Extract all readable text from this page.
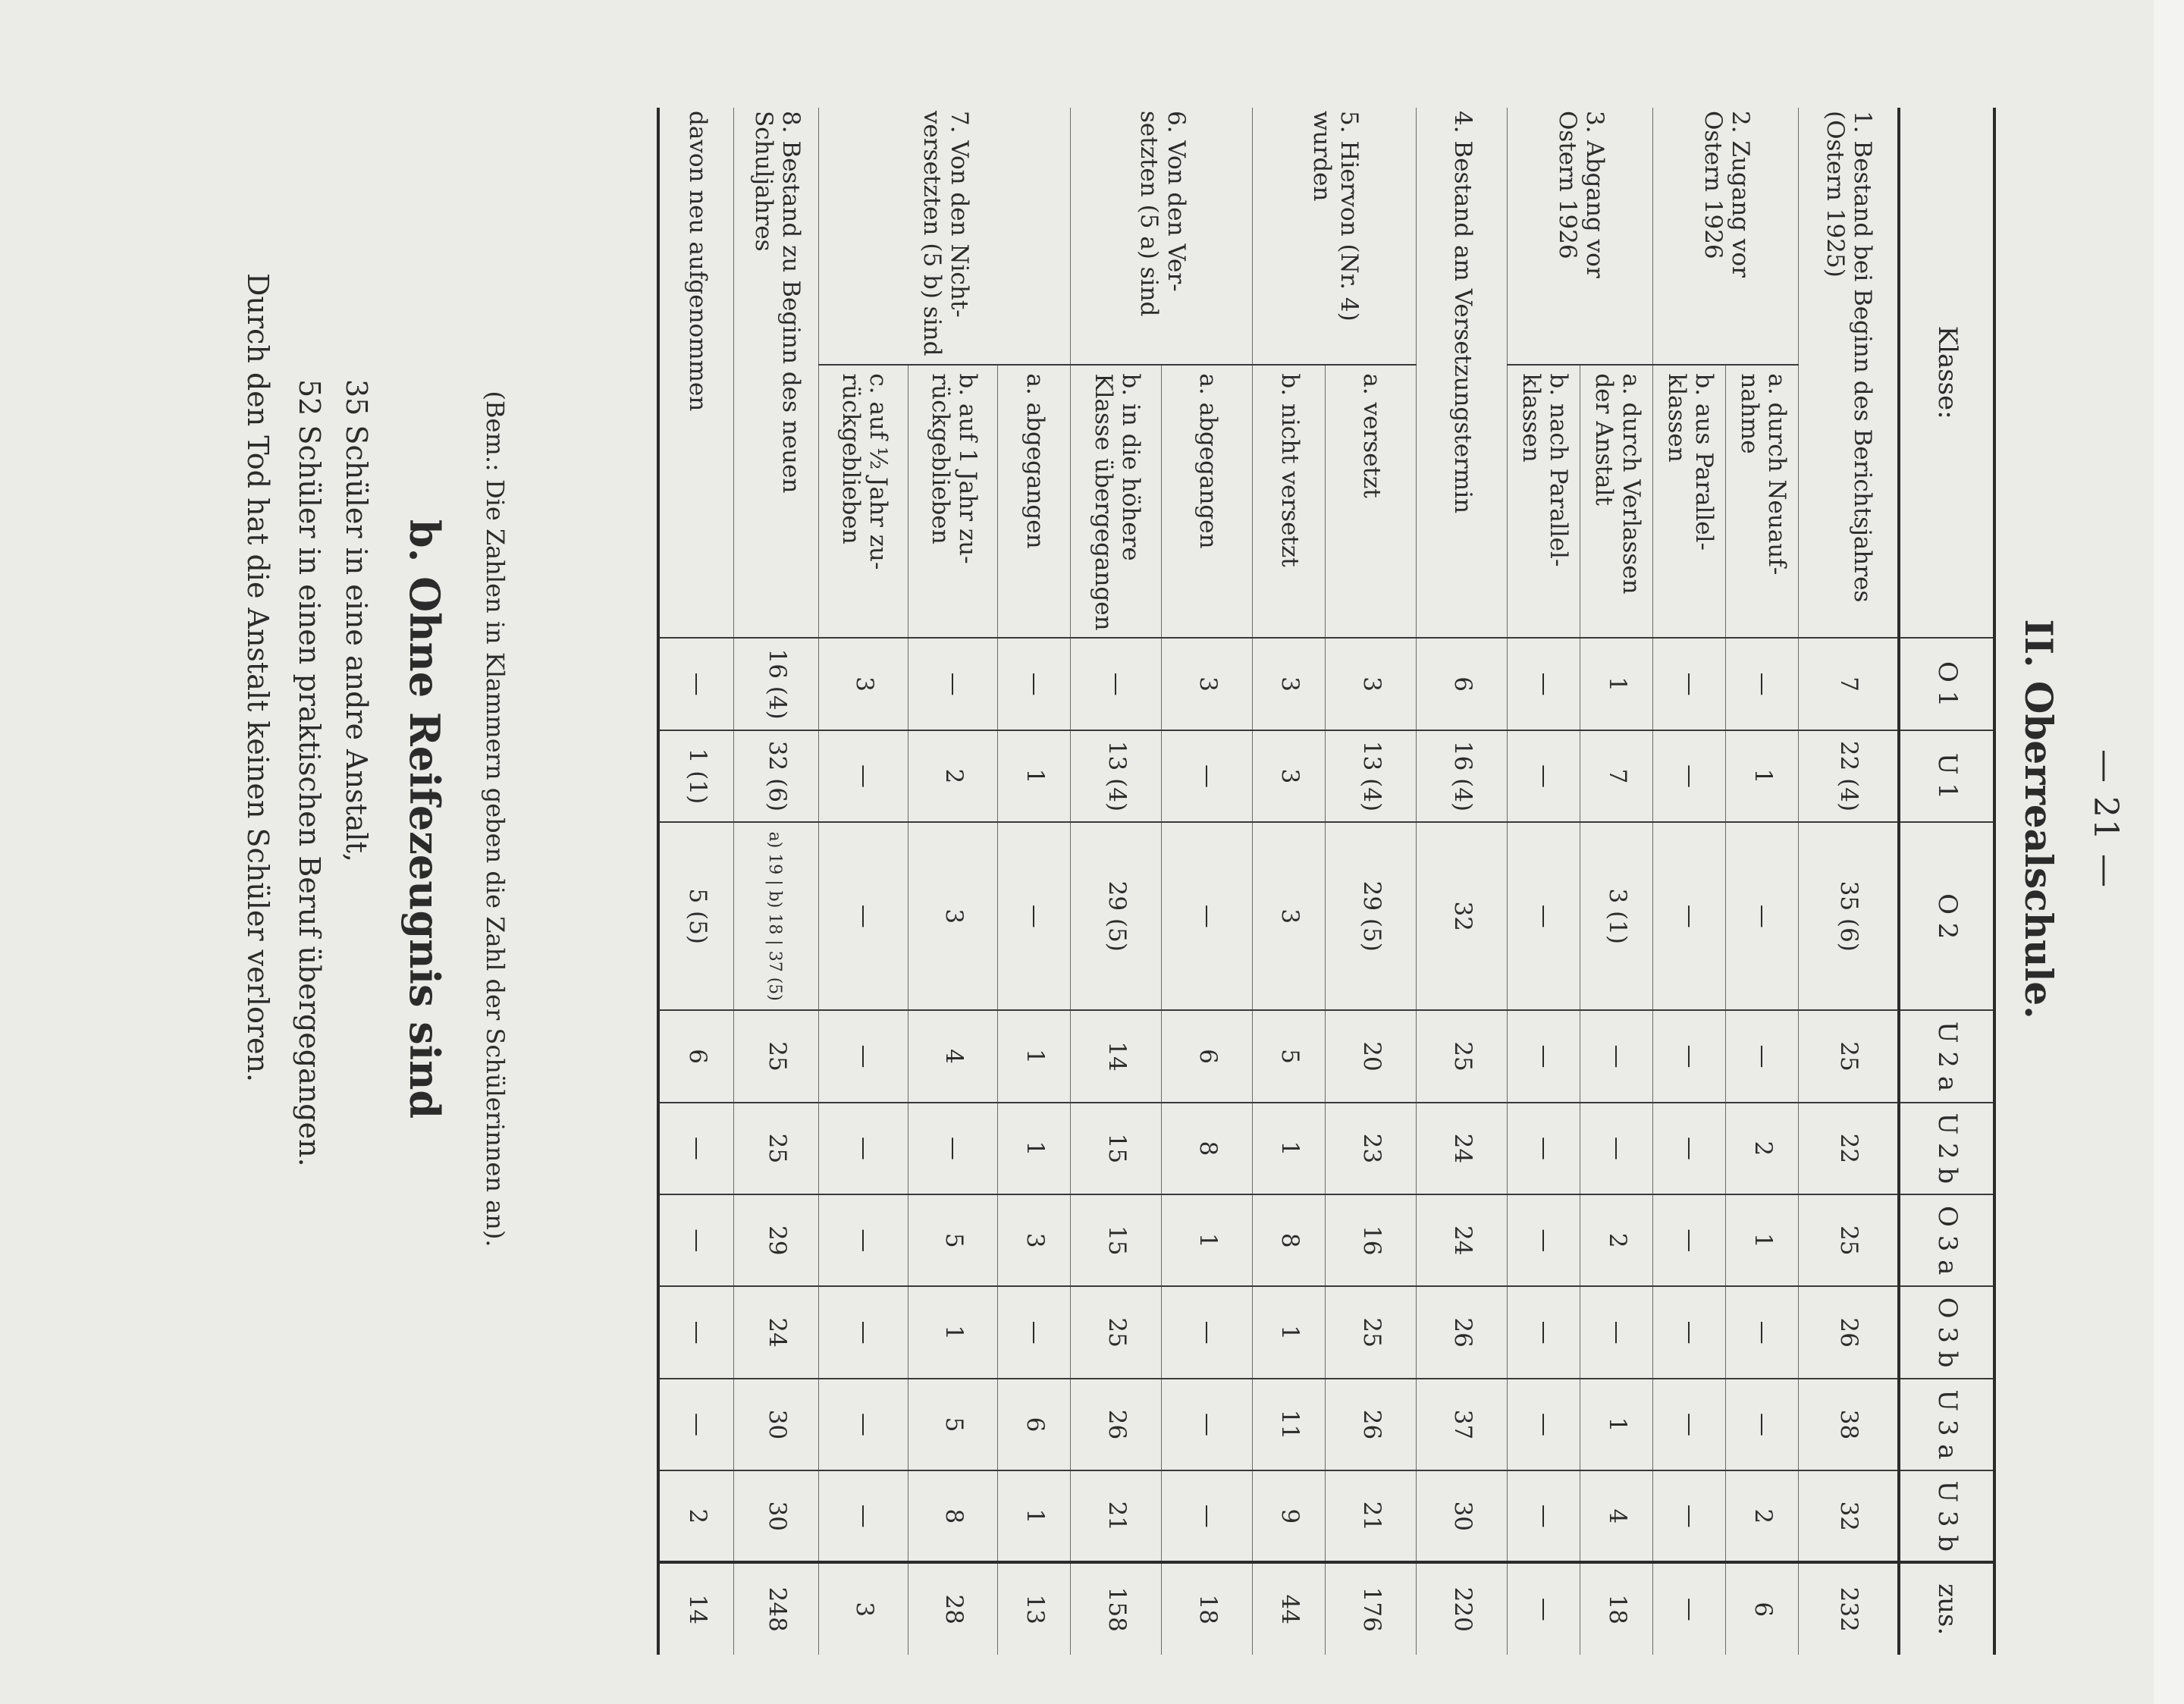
— 21 —
II. Oberrealschule.
Klasse:		O 1	U 1	O 2	U 2 a	U 2 b	O 3 a	O 3 b	U 3 a	U 3 b	zus.
1. Bestand bei Beginn des Berichtsjahres (Ostern 1925)		7	22 (4)	35 (6)	25	22	25	26	38	32	232
2. Zugang vor Ostern 1926	a. durch Neuaufnahme	—	1	—	—	2	1	—	—	2	6
	b. aus Parallelklassen	—	—	—	—	—	—	—	—	—	—
3. Abgang vor Ostern 1926	a. durch Verlassen der Anstalt	1	7	3 (1)	—	—	2	—	1	4	18
	b. nach Parallelklassen	—	—	—	—	—	—	—	—	—	—
4. Bestand am Versetzungstermin		6	16 (4)	32	25	24	24	26	37	30	220
5. Hiervon (Nr. 4) wurden	a. versetzt	3	13 (4)	29 (5)	20	23	16	25	26	21	176
	b. nicht versetzt	3	3	3	5	1	8	1	11	9	44
6. Von den Versetzten (5 a) sind	a. abgegangen	3	—	—	6	8	1	—	—	—	18
	b. in die höhere Klasse übergegangen	—	13 (4)	29 (5)	14	15	15	25	26	21	158
7. Von den Nichtversetzten (5 b) sind	a. abgegangen	—	1	—	1	1	3	—	6	1	13
	b. auf 1 Jahr zurückgeblieben	—	2	3	4	—	5	1	5	8	28
	c. auf ½ Jahr zurückgeblieben	3	—	—	—	—	—	—	—	—	3
8. Bestand zu Beginn des neuen Schuljahres		16 (4)	32 (6)	a) 19 | b) 18 | 37 (5)	25	25	29	24	30	30	248
davon neu aufgenommen		—	1 (1)	5 (5)	6	—	—	—	—	2	14
(Bem.: Die Zahlen in Klammern geben die Zahl der Schülerinnen an).
b. Ohne Reifezeugnis sind
35 Schüler in eine andre Anstalt,
52 Schüler in einen praktischen Beruf übergegangen.
Durch den Tod hat die Anstalt keinen Schüler verloren.
